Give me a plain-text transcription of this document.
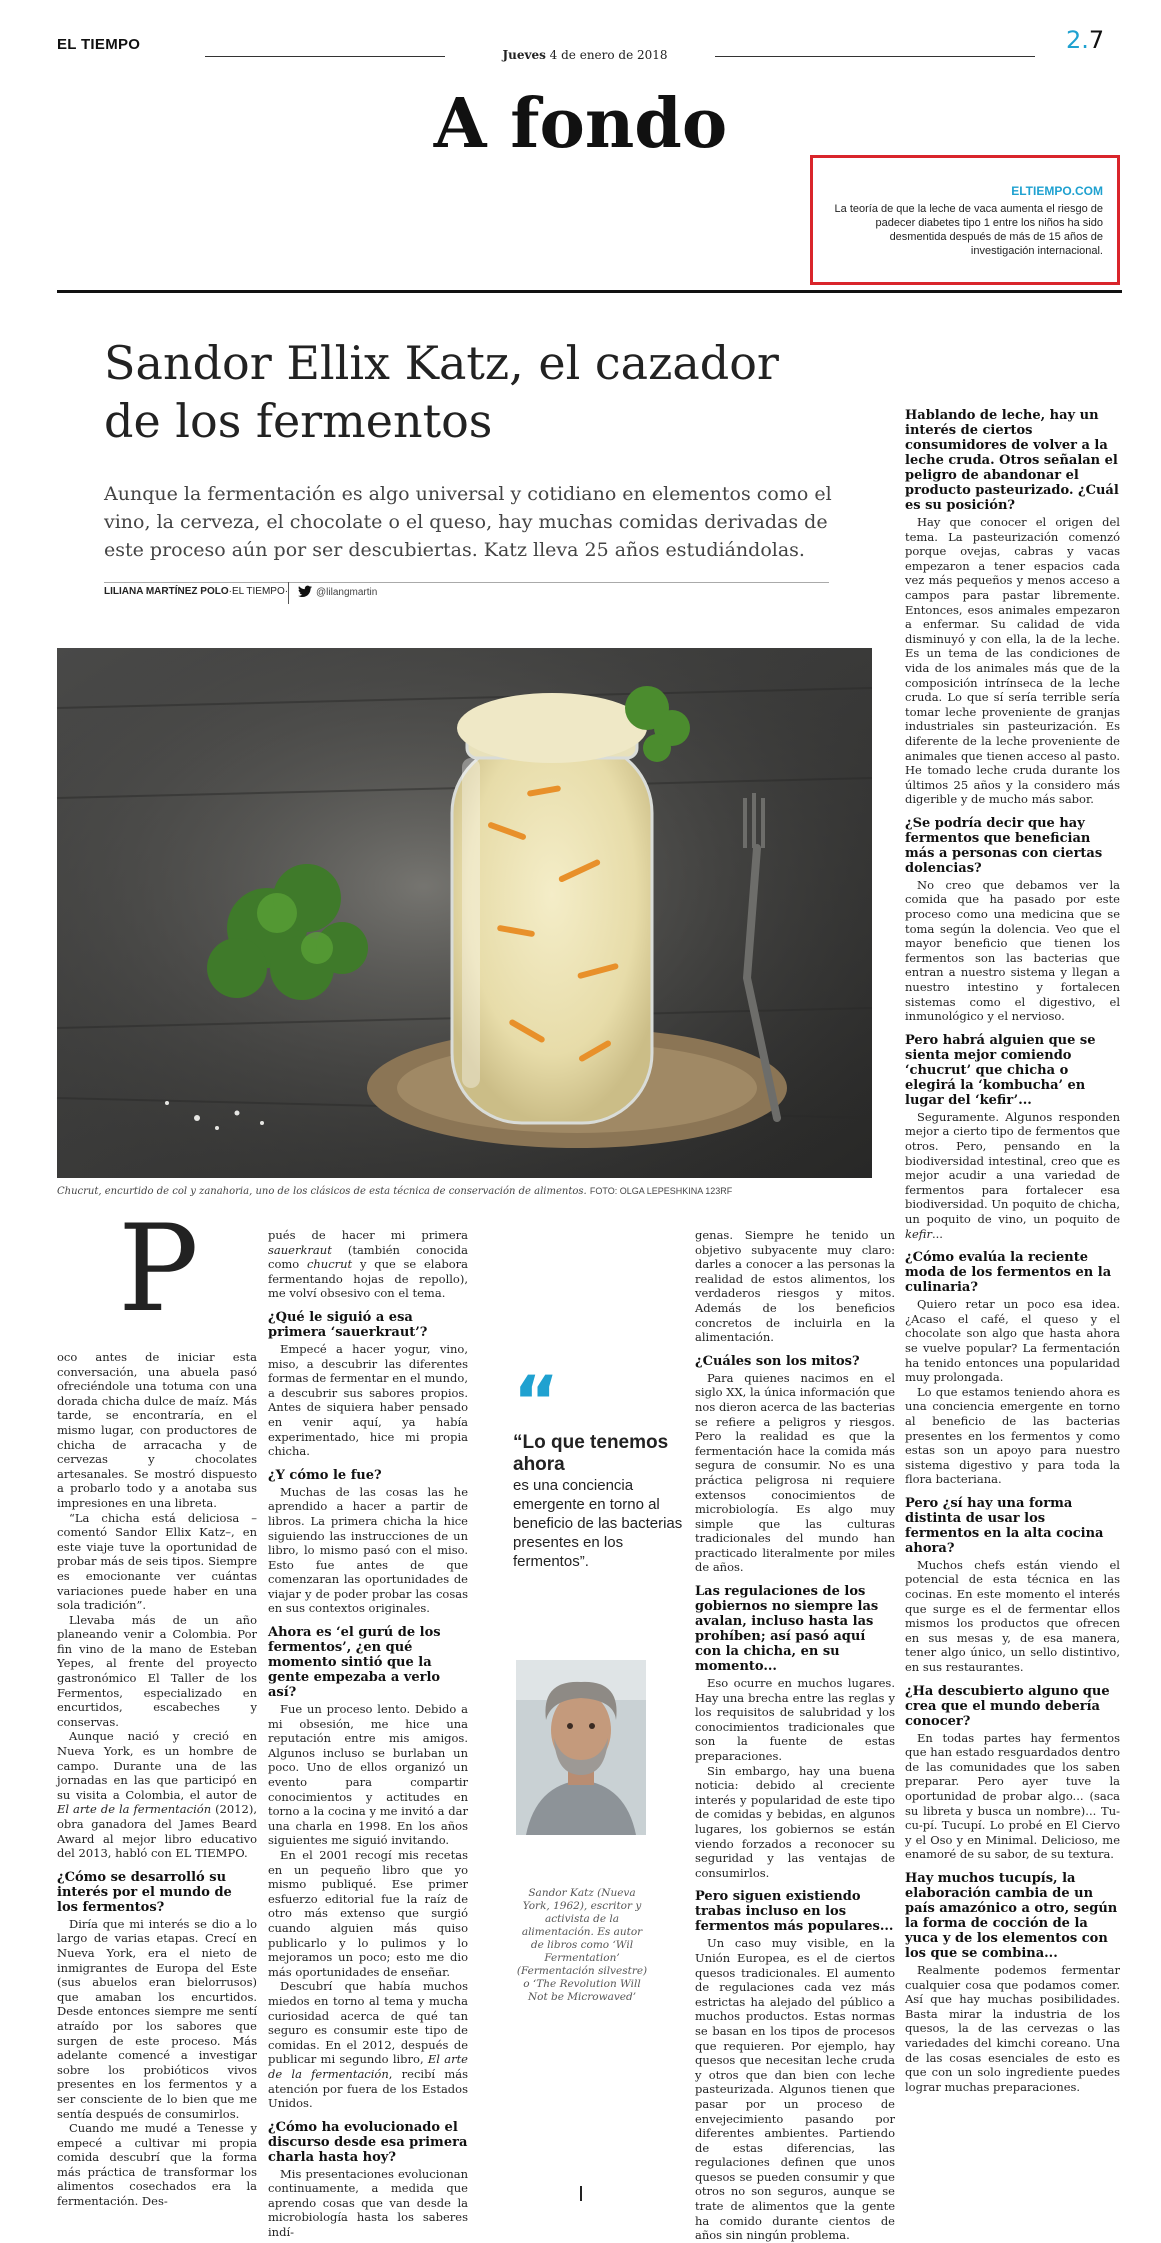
EL TIEMPO
Jueves 4 de enero de 2018
2.7
A fondo
ELTIEMPO.COM
La teoría de que la leche de vaca aumenta el riesgo de padecer diabetes tipo 1 entre los niños ha sido desmentida después de más de 15 años de investigación internacional.
Sandor Ellix Katz, el cazador de los fermentos
Aunque la fermentación es algo universal y cotidiano en elementos como el vino, la cerveza, el chocolate o el queso, hay muchas comidas derivadas de este proceso aún por ser descubiertas. Katz lleva 25 años estudiándolas.
LILIANA MARTÍNEZ POLO·EL TIEMPO·	@lilangmartin
Chucrut, encurtido de col y zanahoria, uno de los clásicos de esta técnica de conservación de alimentos. FOTO: OLGA LEPESHKINA 123RF
P

oco antes de iniciar esta conversación, una abuela pasó ofreciéndole una totuma con una dorada chicha dulce de maíz. Más tarde, se encontraría, en el mismo lugar, con productores de chicha de arracacha y de cervezas y chocolates artesanales. Se mostró dispuesto a probarlo todo y a anotaba sus impresiones en una libreta.

“La chicha está deliciosa –comentó Sandor Ellix Katz–, en este viaje tuve la oportunidad de probar más de seis tipos. Siempre es emocionante ver cuántas variaciones puede haber en una sola tradición”.

Llevaba más de un año planeando venir a Colombia. Por fin vino de la mano de Esteban Yepes, al frente del proyecto gastronómico El Taller de los Fermentos, especializado en encurtidos, escabeches y conservas.

Aunque nació y creció en Nueva York, es un hombre de campo. Durante una de las jornadas en las que participó en su visita a Colombia, el autor de El arte de la fermentación (2012), obra ganadora del James Beard Award al mejor libro educativo del 2013, habló con EL TIEMPO.

¿Cómo se desarrolló su interés por el mundo de los fermentos?

Diría que mi interés se dio a lo largo de varias etapas. Crecí en Nueva York, era el nieto de inmigrantes de Europa del Este (sus abuelos eran bielorrusos) que amaban los encurtidos. Desde entonces siempre me sentí atraído por los sabores que surgen de este proceso. Más adelante comencé a investigar sobre los probióticos vivos presentes en los fermentos y a ser consciente de lo bien que me sentía después de consumirlos.

Cuando me mudé a Tenesse y empecé a cultivar mi propia comida descubrí que la forma más práctica de transformar los alimentos cosechados era la fermentación. Des-

pués de hacer mi primera sauerkraut (también conocida como chucrut y que se elabora fermentando hojas de repollo), me volví obsesivo con el tema.

¿Qué le siguió a esa primera ‘sauerkraut’?

Empecé a hacer yogur, vino, miso, a descubrir las diferentes formas de fermentar en el mundo, a descubrir sus sabores propios. Antes de siquiera haber pensado en venir aquí, ya había experimentado, hice mi propia chicha.

¿Y cómo le fue?

Muchas de las cosas las he aprendido a hacer a partir de libros. La primera chicha la hice siguiendo las instrucciones de un libro, lo mismo pasó con el miso. Esto fue antes de que comenzaran las oportunidades de viajar y de poder probar las cosas en sus contextos originales.

Ahora es ‘el gurú de los fermentos’, ¿en qué momento sintió que la gente empezaba a verlo así?

Fue un proceso lento. Debido a mi obsesión, me hice una reputación entre mis amigos. Algunos incluso se burlaban un poco. Uno de ellos organizó un evento para compartir conocimientos y actitudes en torno a la cocina y me invitó a dar una charla en 1998. En los años siguientes me siguió invitando.

En el 2001 recogí mis recetas en un pequeño libro que yo mismo publiqué. Ese primer esfuerzo editorial fue la raíz de otro más extenso que surgió cuando alguien más quiso publicarlo y lo pulimos y lo mejoramos un poco; esto me dio más oportunidades de enseñar.

Descubrí que había muchos miedos en torno al tema y mucha curiosidad acerca de qué tan seguro es consumir este tipo de comidas. En el 2012, después de publicar mi segundo libro, El arte de la fermentación, recibí más atención por fuera de los Estados Unidos.

¿Cómo ha evolucionado el discurso desde esa primera charla hasta hoy?

Mis presentaciones evolucionan continuamente, a medida que aprendo cosas que van desde la microbiología hasta los saberes indí-

“
“Lo que tenemos ahora
es una conciencia emergente en torno al beneficio de las bacterias presentes en los fermentos”.
Sandor Katz (Nueva York, 1962), escritor y activista de la alimentación. Es autor de libros como ‘Wil Fermentation’ (Fermentación silvestre) o ‘The Revolution Will Not be Microwaved’

genas. Siempre he tenido un objetivo subyacente muy claro: darles a conocer a las personas la realidad de estos alimentos, los verdaderos riesgos y mitos. Además de los beneficios concretos de incluirla en la alimentación.

¿Cuáles son los mitos?

Para quienes nacimos en el siglo XX, la única información que nos dieron acerca de las bacterias se refiere a peligros y riesgos. Pero la realidad es que la fermentación hace la comida más segura de consumir. No es una práctica peligrosa ni requiere extensos conocimientos de microbiología. Es algo muy simple que las culturas tradicionales del mundo han practicado literalmente por miles de años.

Las regulaciones de los gobiernos no siempre las avalan, incluso hasta las prohíben; así pasó aquí con la chicha, en su momento...

Eso ocurre en muchos lugares. Hay una brecha entre las reglas y los requisitos de salubridad y los conocimientos tradicionales que son la fuente de estas preparaciones.

Sin embargo, hay una buena noticia: debido al creciente interés y popularidad de este tipo de comidas y bebidas, en algunos lugares, los gobiernos se están viendo forzados a reconocer su seguridad y las ventajas de consumirlos.

Pero siguen existiendo trabas incluso en los fermentos más populares...

Un caso muy visible, en la Unión Europea, es el de ciertos quesos tradicionales. El aumento de regulaciones cada vez más estrictas ha alejado del público a muchos productos. Estas normas se basan en los tipos de procesos que requieren. Por ejemplo, hay quesos que necesitan leche cruda y otros que dan bien con leche pasteurizada. Algunos tienen que pasar por un proceso de envejecimiento pasando por diferentes ambientes. Partiendo de estas diferencias, las regulaciones definen que unos quesos se pueden consumir y que otros no son seguros, aunque se trate de alimentos que la gente ha comido durante cientos de años sin ningún problema.

Hablando de leche, hay un interés de ciertos consumidores de volver a la leche cruda. Otros señalan el peligro de abandonar el producto pasteurizado. ¿Cuál es su posición?

Hay que conocer el origen del tema. La pasteurización comenzó porque ovejas, cabras y vacas empezaron a tener espacios cada vez más pequeños y menos acceso a campos para pastar libremente. Entonces, esos animales empezaron a enfermar. Su calidad de vida disminuyó y con ella, la de la leche. Es un tema de las condiciones de vida de los animales más que de la composición intrínseca de la leche cruda. Lo que sí sería terrible sería tomar leche proveniente de granjas industriales sin pasteurización. Es diferente de la leche proveniente de animales que tienen acceso al pasto. He tomado leche cruda durante los últimos 25 años y la considero más digerible y de mucho más sabor.

¿Se podría decir que hay fermentos que benefician más a personas con ciertas dolencias?

No creo que debamos ver la comida que ha pasado por este proceso como una medicina que se toma según la dolencia. Veo que el mayor beneficio que tienen los fermentos son las bacterias que entran a nuestro sistema y llegan a nuestro intestino y fortalecen sistemas como el digestivo, el inmunológico y el nervioso.

Pero habrá alguien que se sienta mejor comiendo ‘chucrut’ que chicha o elegirá la ‘kombucha’ en lugar del ‘kefir’...

Seguramente. Algunos responden mejor a cierto tipo de fermentos que otros. Pero, pensando en la biodiversidad intestinal, creo que es mejor acudir a una variedad de fermentos para fortalecer esa biodiversidad. Un poquito de chicha, un poquito de vino, un poquito de kefir...

¿Cómo evalúa la reciente moda de los fermentos en la culinaria?

Quiero retar un poco esa idea. ¿Acaso el café, el queso y el chocolate son algo que hasta ahora se vuelve popular? La fermentación ha tenido entonces una popularidad muy prolongada.

Lo que estamos teniendo ahora es una conciencia emergente en torno al beneficio de las bacterias presentes en los fermentos y como estas son un apoyo para nuestro sistema digestivo y para toda la flora bacteriana.

Pero ¿sí hay una forma distinta de usar los fermentos en la alta cocina ahora?

Muchos chefs están viendo el potencial de esta técnica en las cocinas. En este momento el interés que surge es el de fermentar ellos mismos los productos que ofrecen en sus mesas y, de esa manera, tener algo único, un sello distintivo, en sus restaurantes.

¿Ha descubierto alguno que crea que el mundo debería conocer?

En todas partes hay fermentos que han estado resguardados dentro de las comunidades que los saben preparar. Pero ayer tuve la oportunidad de probar algo... (saca su libreta y busca un nombre)... Tu-cu-pí. Tucupí. Lo probé en El Ciervo y el Oso y en Minimal. Delicioso, me enamoré de su sabor, de su textura.

Hay muchos tucupís, la elaboración cambia de un país amazónico a otro, según la forma de cocción de la yuca y de los elementos con los que se combina...

Realmente podemos fermentar cualquier cosa que podamos comer. Así que hay muchas posibilidades. Basta mirar la industria de los quesos, la de las cervezas o las variedades del kimchi coreano. Una de las cosas esenciales de esto es que con un solo ingrediente puedes lograr muchas preparaciones.
